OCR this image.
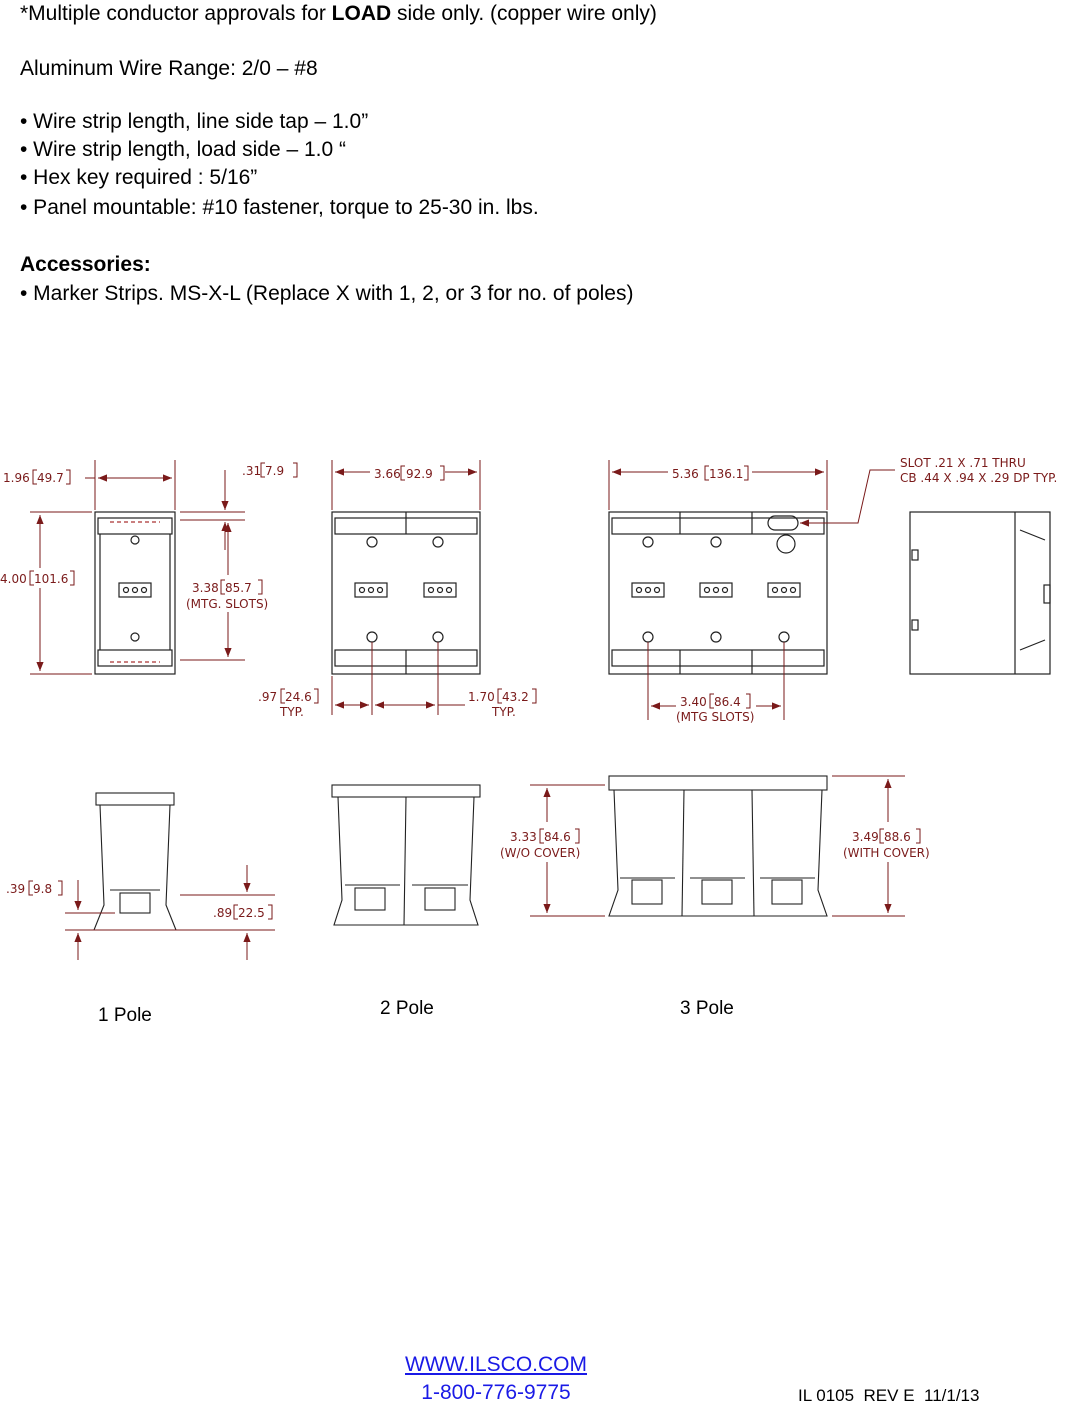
*Multiple conductor approvals for LOAD side only. (copper wire only)
Aluminum Wire Range: 2/0 – #8
• Wire strip length, line side tap – 1.0”
• Wire strip length, load side – 1.0 “
• Hex key required : 5/16”
• Panel mountable: #10 fastener, torque to 25-30 in. lbs.
Accessories:
• Marker Strips. MS-X-L (Replace X with 1, 2, or 3 for no. of poles)
1.96 49.7	.31 7.9
4.00 101.6
3.38 85.7
(MTG. SLOTS)
3.66 92.9	5.36 136.1
SLOT .21 X .71 THRU
CB .44 X .94 X .29 DP TYP.
.97 24.6
TYP.
1.70 43.2
TYP.
3.40 86.4
(MTG SLOTS)
.39 9.8
.89 22.5
3.33 84.6
(W/O COVER)
3.49 88.6
(WITH COVER)
1 Pole	2 Pole	3 Pole
WWW.ILSCO.COM
1-800-776-9775	IL 0105  REV E  11/1/13
